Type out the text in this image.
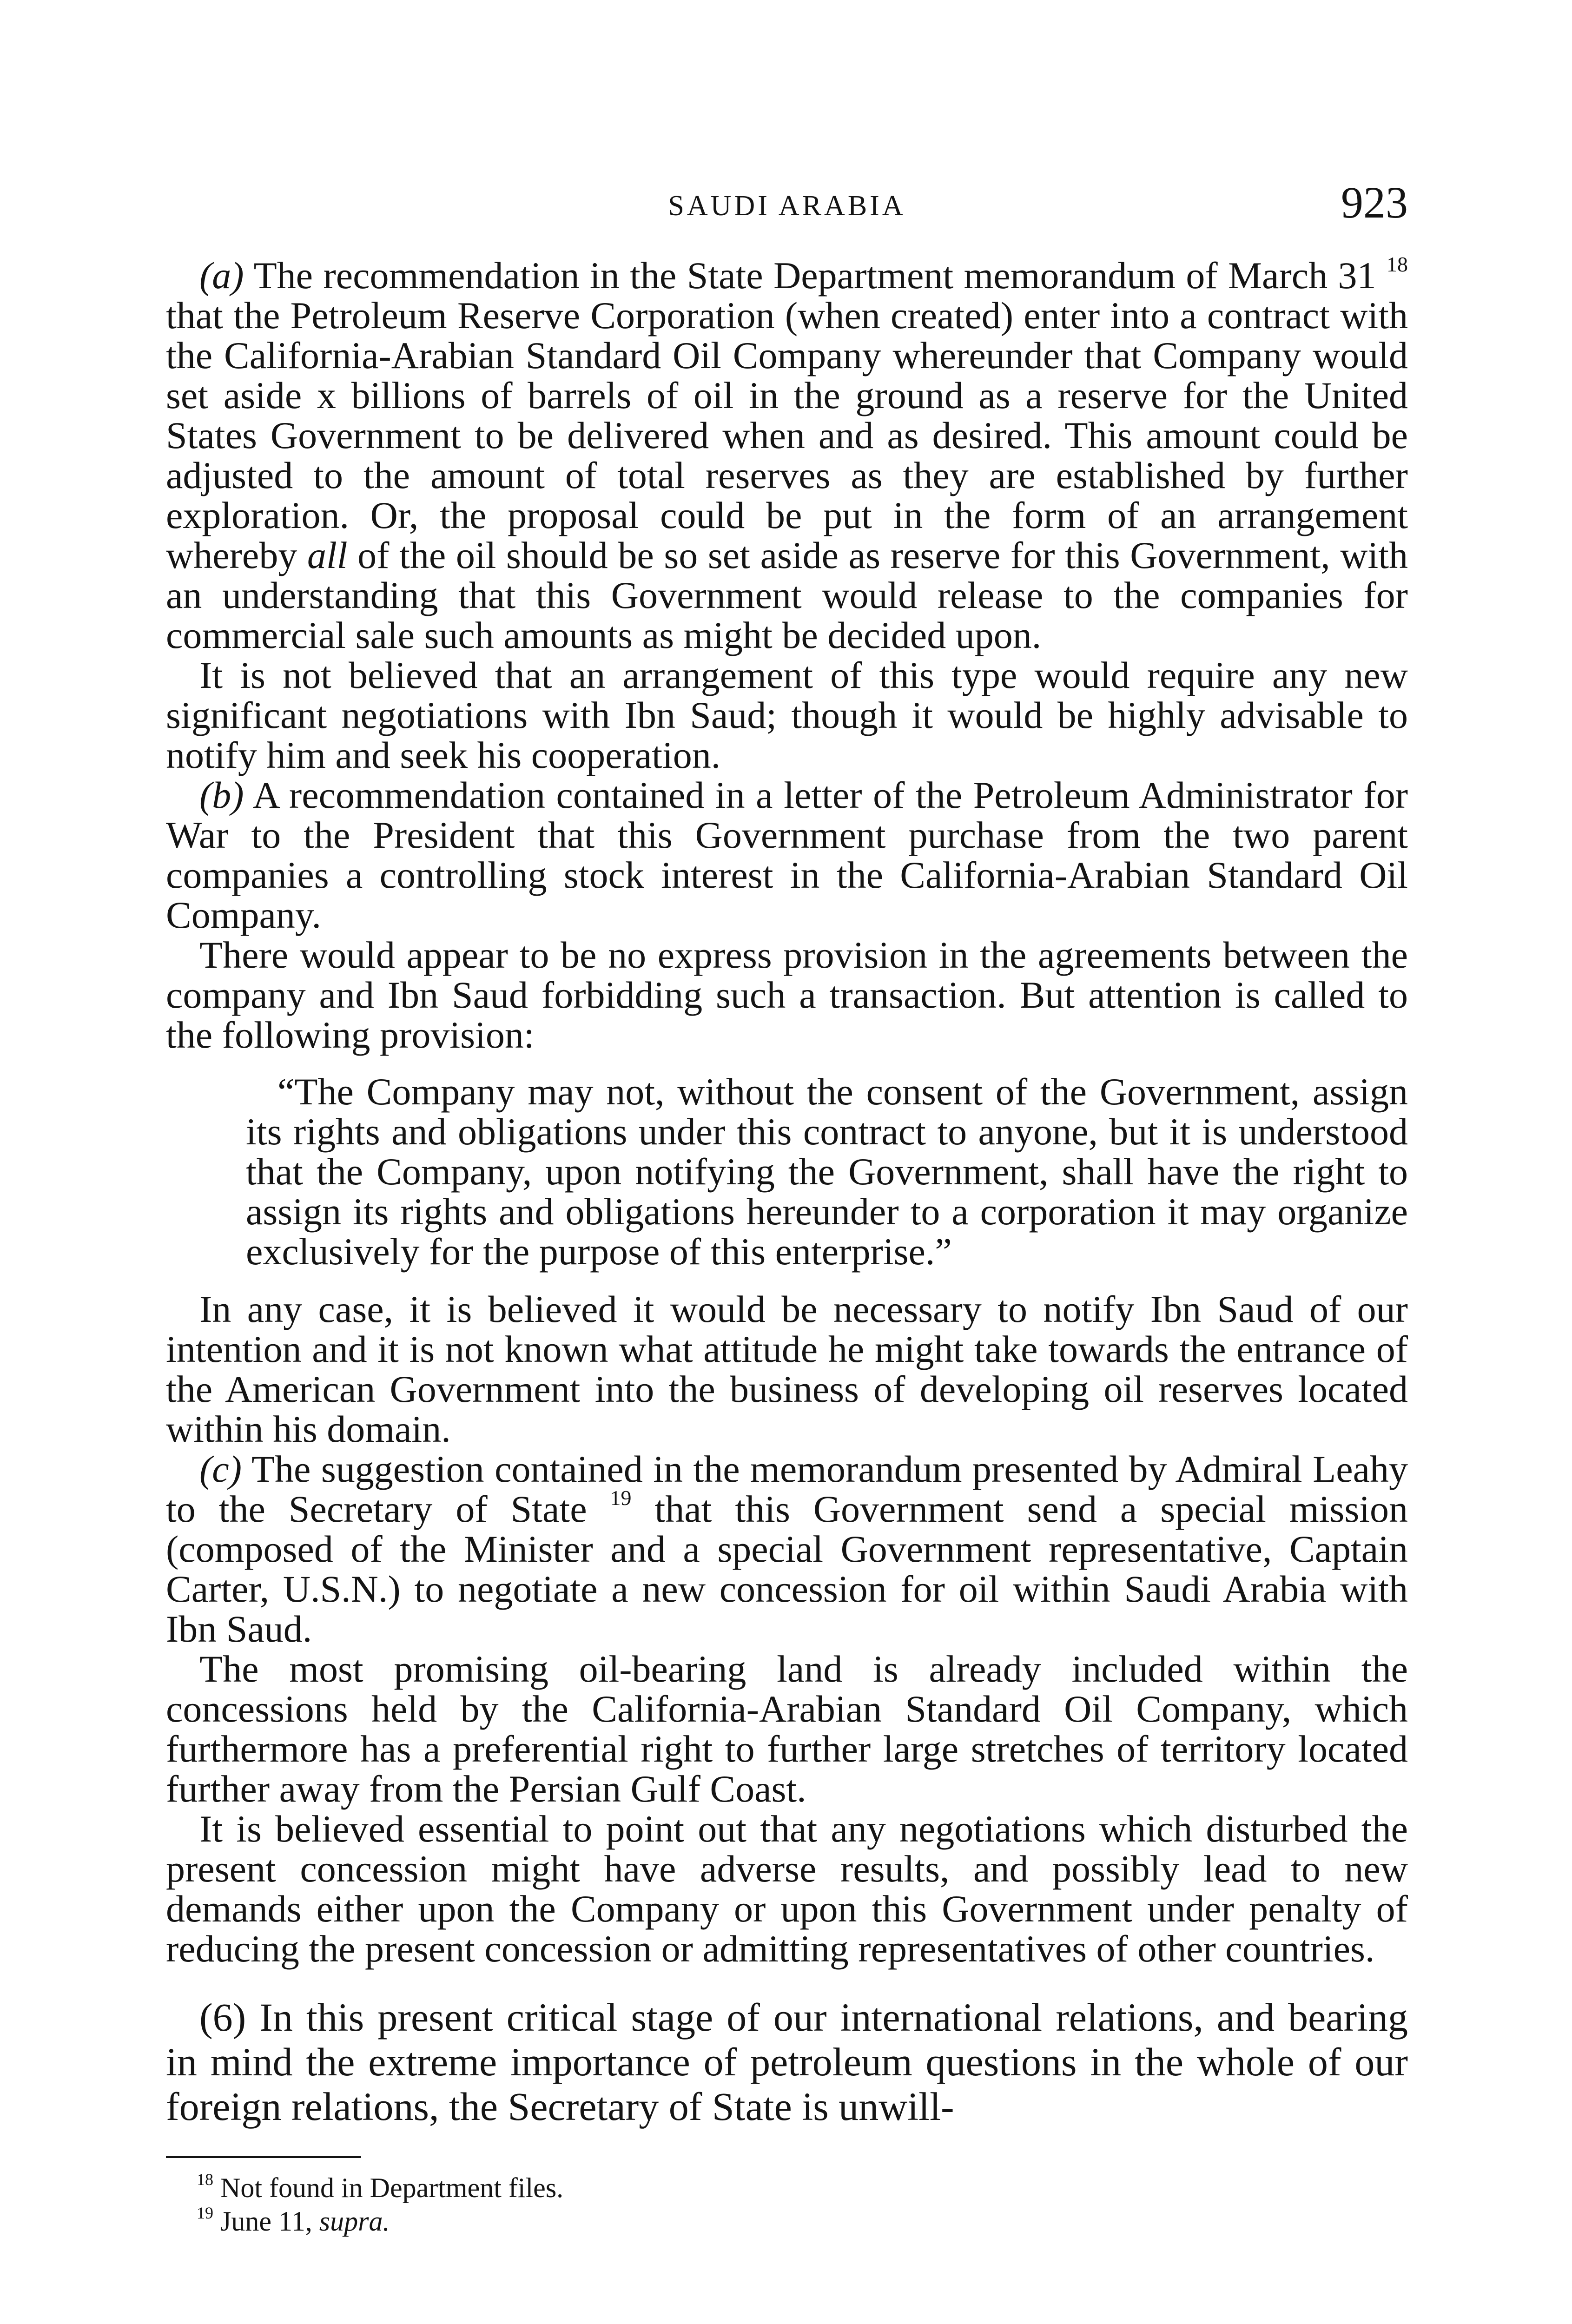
SAUDI ARABIA	923

(a) The recommendation in the State Department memorandum of March 31 $^{18}$ that the Petroleum Reserve Corporation (when created) enter into a contract with the California-Arabian Standard Oil Company whereunder that Company would set aside x billions of barrels of oil in the ground as a reserve for the United States Government to be delivered when and as desired. This amount could be adjusted to the amount of total reserves as they are established by further exploration. Or, the proposal could be put in the form of an arrangement whereby all of the oil should be so set aside as reserve for this Government, with an understanding that this Government would release to the companies for commercial sale such amounts as might be decided upon.

It is not believed that an arrangement of this type would require any new significant negotiations with Ibn Saud; though it would be highly advisable to notify him and seek his cooperation.

(b) A recommendation contained in a letter of the Petroleum Administrator for War to the President that this Government purchase from the two parent companies a controlling stock interest in the California-Arabian Standard Oil Company.

There would appear to be no express provision in the agreements between the company and Ibn Saud forbidding such a transaction. But attention is called to the following provision:

“The Company may not, without the consent of the Government, assign its rights and obligations under this contract to anyone, but it is understood that the Company, upon notifying the Government, shall have the right to assign its rights and obligations hereunder to a corporation it may organize exclusively for the purpose of this enterprise.”

In any case, it is believed it would be necessary to notify Ibn Saud of our intention and it is not known what attitude he might take towards the entrance of the American Government into the business of developing oil reserves located within his domain.

(c) The suggestion contained in the memorandum presented by Admiral Leahy to the Secretary of State $^{19}$ that this Government send a special mission (composed of the Minister and a special Government representative, Captain Carter, U.S.N.) to negotiate a new concession for oil within Saudi Arabia with Ibn Saud.

The most promising oil-bearing land is already included within the concessions held by the California-Arabian Standard Oil Company, which furthermore has a preferential right to further large stretches of territory located further away from the Persian Gulf Coast.

It is believed essential to point out that any negotiations which disturbed the present concession might have adverse results, and possibly lead to new demands either upon the Company or upon this Government under penalty of reducing the present concession or admitting representatives of other countries.

(6) In this present critical stage of our international relations, and bearing in mind the extreme importance of petroleum questions in the whole of our foreign relations, the Secretary of State is unwill-

$^{18}$ Not found in Department files.
$^{19}$ June 11, supra.
